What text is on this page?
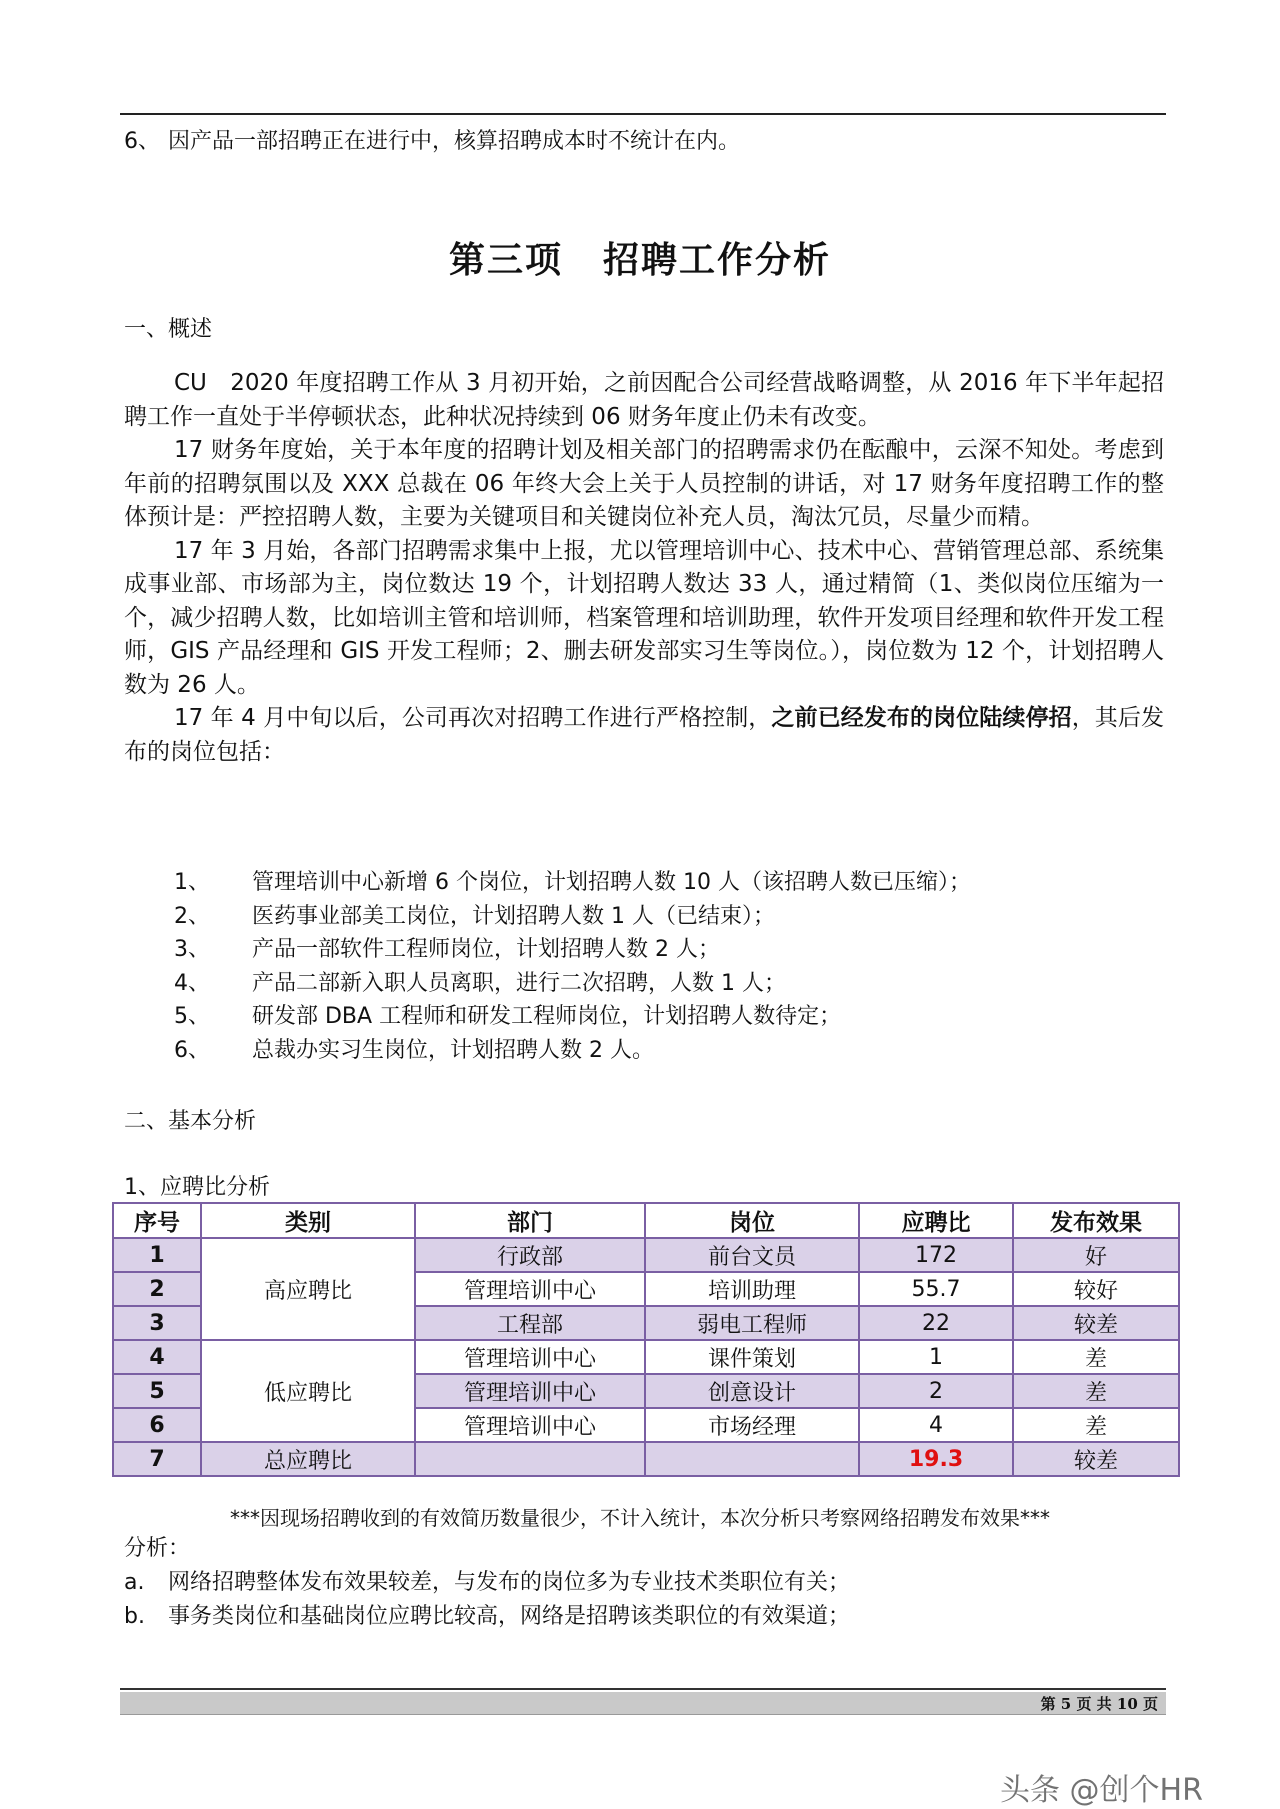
6、 因产品一部招聘正在进行中，核算招聘成本时不统计在内。
第三项 招聘工作分析
一、概述

CU　2020 年度招聘工作从 3 月初开始，之前因配合公司经营战略调整，从 2016 年下半年起招聘工作一直处于半停顿状态，此种状况持续到 06 财务年度止仍未有改变。

17 财务年度始，关于本年度的招聘计划及相关部门的招聘需求仍在酝酿中，云深不知处。考虑到年前的招聘氛围以及 XXX 总裁在 06 年终大会上关于人员控制的讲话，对 17 财务年度招聘工作的整体预计是：严控招聘人数，主要为关键项目和关键岗位补充人员，淘汰冗员，尽量少而精。

17 年 3 月始，各部门招聘需求集中上报，尤以管理培训中心、技术中心、营销管理总部、系统集成事业部、市场部为主，岗位数达 19 个，计划招聘人数达 33 人，通过精简（1、类似岗位压缩为一个，减少招聘人数，比如培训主管和培训师，档案管理和培训助理，软件开发项目经理和软件开发工程师，GIS 产品经理和 GIS 开发工程师；2、删去研发部实习生等岗位。），岗位数为 12 个，计划招聘人数为 26 人。

17 年 4 月中旬以后，公司再次对招聘工作进行严格控制，之前已经发布的岗位陆续停招，其后发布的岗位包括：

1、 管理培训中心新增 6 个岗位，计划招聘人数 10 人（该招聘人数已压缩）；
2、 医药事业部美工岗位，计划招聘人数 1 人（已结束）；
3、 产品一部软件工程师岗位，计划招聘人数 2 人；
4、 产品二部新入职人员离职，进行二次招聘，人数 1 人；
5、 研发部 DBA 工程师和研发工程师岗位，计划招聘人数待定；
6、 总裁办实习生岗位，计划招聘人数 2 人。
二、基本分析
1、应聘比分析
序号	类别	部门	岗位	应聘比	发布效果
1	高应聘比	行政部	前台文员	172	好
2		管理培训中心	培训助理	55.7	较好
3		工程部	弱电工程师	22	较差
4	低应聘比	管理培训中心	课件策划	1	差
5		管理培训中心	创意设计	2	差
6		管理培训中心	市场经理	4	差
7	总应聘比			19.3	较差
***因现场招聘收到的有效简历数量很少，不计入统计，本次分析只考察网络招聘发布效果***
分析：
a. 网络招聘整体发布效果较差，与发布的岗位多为专业技术类职位有关；
b. 事务类岗位和基础岗位应聘比较高，网络是招聘该类职位的有效渠道；
第 5 页 共 10 页
头条 @创个HR
